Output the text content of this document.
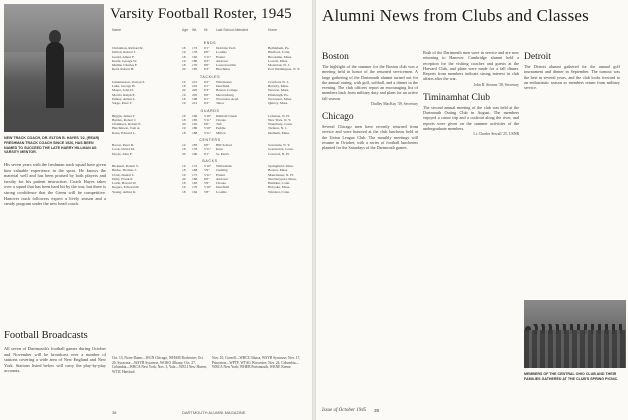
NEW TRACK COACH, DR. ELTON B. HAYES '22, (REAR) FRESHMAN TRACK COACH SINCE 1926, HAS BEEN NAMED TO SUCCEED THE LATE HARRY HILLMAN AS VARSITY MENTOR.
His seven years with the freshman track squad have given him valuable experience in the sport. He knows the material well and has been praised by both players and faculty for his patient instruction. Coach Hayes takes over a squad that has been hard hit by the war, but there is strong confidence that the Green will be competitive. Hanover track followers expect a lively season and a steady program under the new head coach.
Football Broadcasts
All seven of Dartmouth's football games during October and November will be broadcast over a number of stations covering a wide area of New England and New York. Stations listed below will carry the play-by-play accounts.
Varsity Football Roster, 1945
Name	Age Wt. Ht. Last School Attended	Home
ENDS
Christman, Richard R.	18	172	6'1"	Dobbins Tech	Bethlehem, Pa.
Dalton, Robert J.	19	178	6'0"	Loomis	Hartford, Conn.
Gould, Albert F.	18	165	5'11"	Exeter	Brookline, Mass.
Keefe, George W.	19	180	6'2"	Andover	Lowell, Mass.
Mullin, Charles F.	18	170	6'0"	Lawrenceville	Montclair, N. J.
Reid, Robert H.	20	185	6'3"	Hotchkiss	Port Washington, N. Y.
TACKLES
Johannesson, Vernon S.	19	215	6'2"	Winchester	Cranford, N. J.
Luke, George H.	18	210	6'1"	Deerfield	Beverly, Mass.
Mayer, John D.	20	220	6'3"	Boston College	Newton, Mass.
Morris, Ralph E.	19	205	6'0"	Mercersburg	Pittsburgh, Pa.
Pelkey, Arthur L.	18	198	6'1"	Worcester Acad.	Worcester, Mass.
Sarge, Peter T.	19	212	6'2"	Tabor	Quincy, Mass.
GUARDS
Biggin, James T.	19	190	5'10"	Kimball Union	Lebanon, N. H.
Buttles, Robert J.	18	185	5'11"	Choate	New York, N. Y.
Chambers, Robert E.	20	192	6'0"	Taft	Waterbury, Conn.
Hutchinson, Tom A.	19	180	5'10"	Peddie	Trenton, N. J.
Kane, Edward L.	18	188	5'11"	Milton	Dedham, Mass.
CENTERS
Bacon, Peter R.	19	185	6'0"	Hill School	Scarsdale, N. Y.
Cook, David M.	18	178	5'11"	Kent	Greenwich, Conn.
Doyle, John F.	20	190	6'1"	St. Paul's	Concord, N. H.
BACKS
Bicknell, Robert S.	19	172	5'10"	Wilbraham	Springfield, Mass.
Burke, Thomas J.	18	168	5'9"	Cushing	Boston, Mass.
Clark, Daniel C.	19	175	5'11"	Exeter	Manchester, N. H.
Daily, Frank P.	20	180	6'0"	Andover	Newburyport, Mass.
Lavin, Harold W.	18	165	5'9"	Choate	Hamden, Conn.
Rogers, Edward M.	19	170	5'10"	Deerfield	Holyoke, Mass.
Young, Arthur K.	18	162	5'8"	Loomis	Windsor, Conn.
Oct. 13, Notre Dame—WGN Chicago, WHAM Rochester; Oct. 20, Syracuse—WSYR Syracuse, WOKO Albany; Oct. 27, Columbia—WRCA New York; Nov. 3, Yale—WELI New Haven, WTIC Hartford.
Nov. 10, Cornell—WHCU Ithaca, WSYR Syracuse; Nov. 17, Princeton—WPTF, WTAG Worcester; Nov. 24, Columbia—WRCA New York; WHEB Portsmouth, WKNE Keene.
38	DARTMOUTH ALUMNI MAGAZINE
Alumni News from Clubs and Classes
Boston
The highlight of the summer for the Boston club was a meeting held in honor of the returned servicemen. A large gathering of the Dartmouth alumni turned out for the annual outing, with golf, softball, and a dinner in the evening. The club officers report an encouraging list of members back from military duty and plans for an active fall season.
Dudley MacKay '39, Secretary
Chicago
Several Chicago men have recently returned from service and were honored at the club luncheon held at the Union League Club. The monthly meetings will resume in October, with a series of football luncheons planned for the Saturdays of the Dartmouth games.
Both of the Dartmouth men were in service and are now returning to Hanover. Cambridge alumni held a reception for the visiting coaches and guests at the Harvard Club, and plans were made for a fall dinner. Reports from members indicate strong interest in club affairs after the war.
John B. Stearns '38, Secretary
Timinamhat Club
The second annual meeting of the club was held at the Dartmouth Outing Club in August. The members enjoyed a canoe trip and a cookout along the river, and reports were given on the summer activities of the undergraduate members.
Lt. Charles Sewall '25, USNR
Detroit
The Detroit alumni gathered for the annual golf tournament and dinner in September. The turnout was the best in several years, and the club looks forward to an enthusiastic season as members return from military service.
MEMBERS OF THE CENTRAL OHIO CLUB AND THEIR FAMILIES GATHERED AT THE CLUB'S SPRING PICNIC.
Issue of October 1945 39
